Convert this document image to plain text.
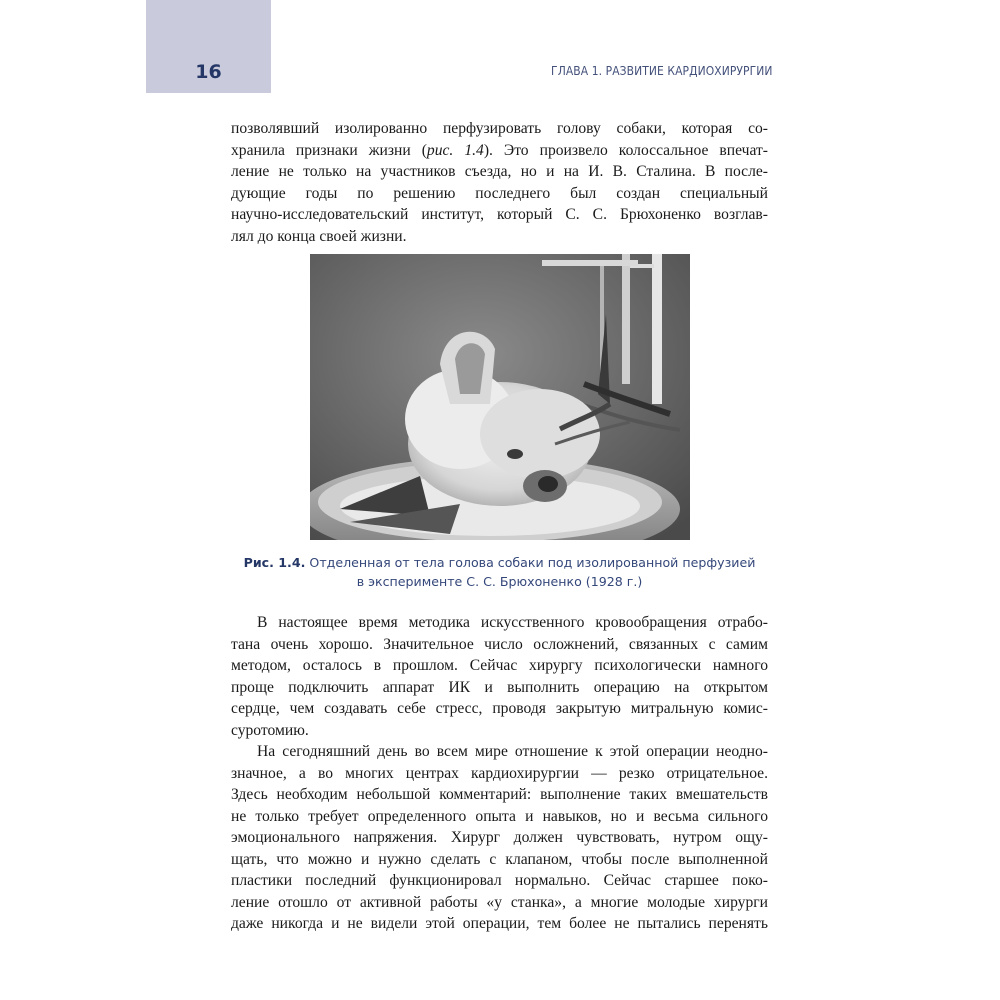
16	ГЛАВА 1. РАЗВИТИЕ КАРДИОХИРУРГИИ
позволявший изолированно перфузировать голову собаки, которая со-
хранила признаки жизни (рис. 1.4). Это произвело колоссальное впечат-
ление не только на участников съезда, но и на И. В. Сталина. В после-
дующие годы по решению последнего был создан специальный
научно-исследовательский институт, который С. С. Брюхоненко возглав-
лял до конца своей жизни.
Рис. 1.4. Отделенная от тела голова собаки под изолированной перфузией
в эксперименте С. С. Брюхоненко (1928 г.)
В настоящее время методика искусственного кровообращения отрабо-
тана очень хорошо. Значительное число осложнений, связанных с самим
методом, осталось в прошлом. Сейчас хирургу психологически намного
проще подключить аппарат ИК и выполнить операцию на открытом
сердце, чем создавать себе стресс, проводя закрытую митральную комис-
суротомию.
На сегодняшний день во всем мире отношение к этой операции неодно-
значное, а во многих центрах кардиохирургии — резко отрицательное.
Здесь необходим небольшой комментарий: выполнение таких вмешательств
не только требует определенного опыта и навыков, но и весьма сильного
эмоционального напряжения. Хирург должен чувствовать, нутром ощу-
щать, что можно и нужно сделать с клапаном, чтобы после выполненной
пластики последний функционировал нормально. Сейчас старшее поко-
ление отошло от активной работы «у станка», а многие молодые хирурги
даже никогда и не видели этой операции, тем более не пытались перенять
